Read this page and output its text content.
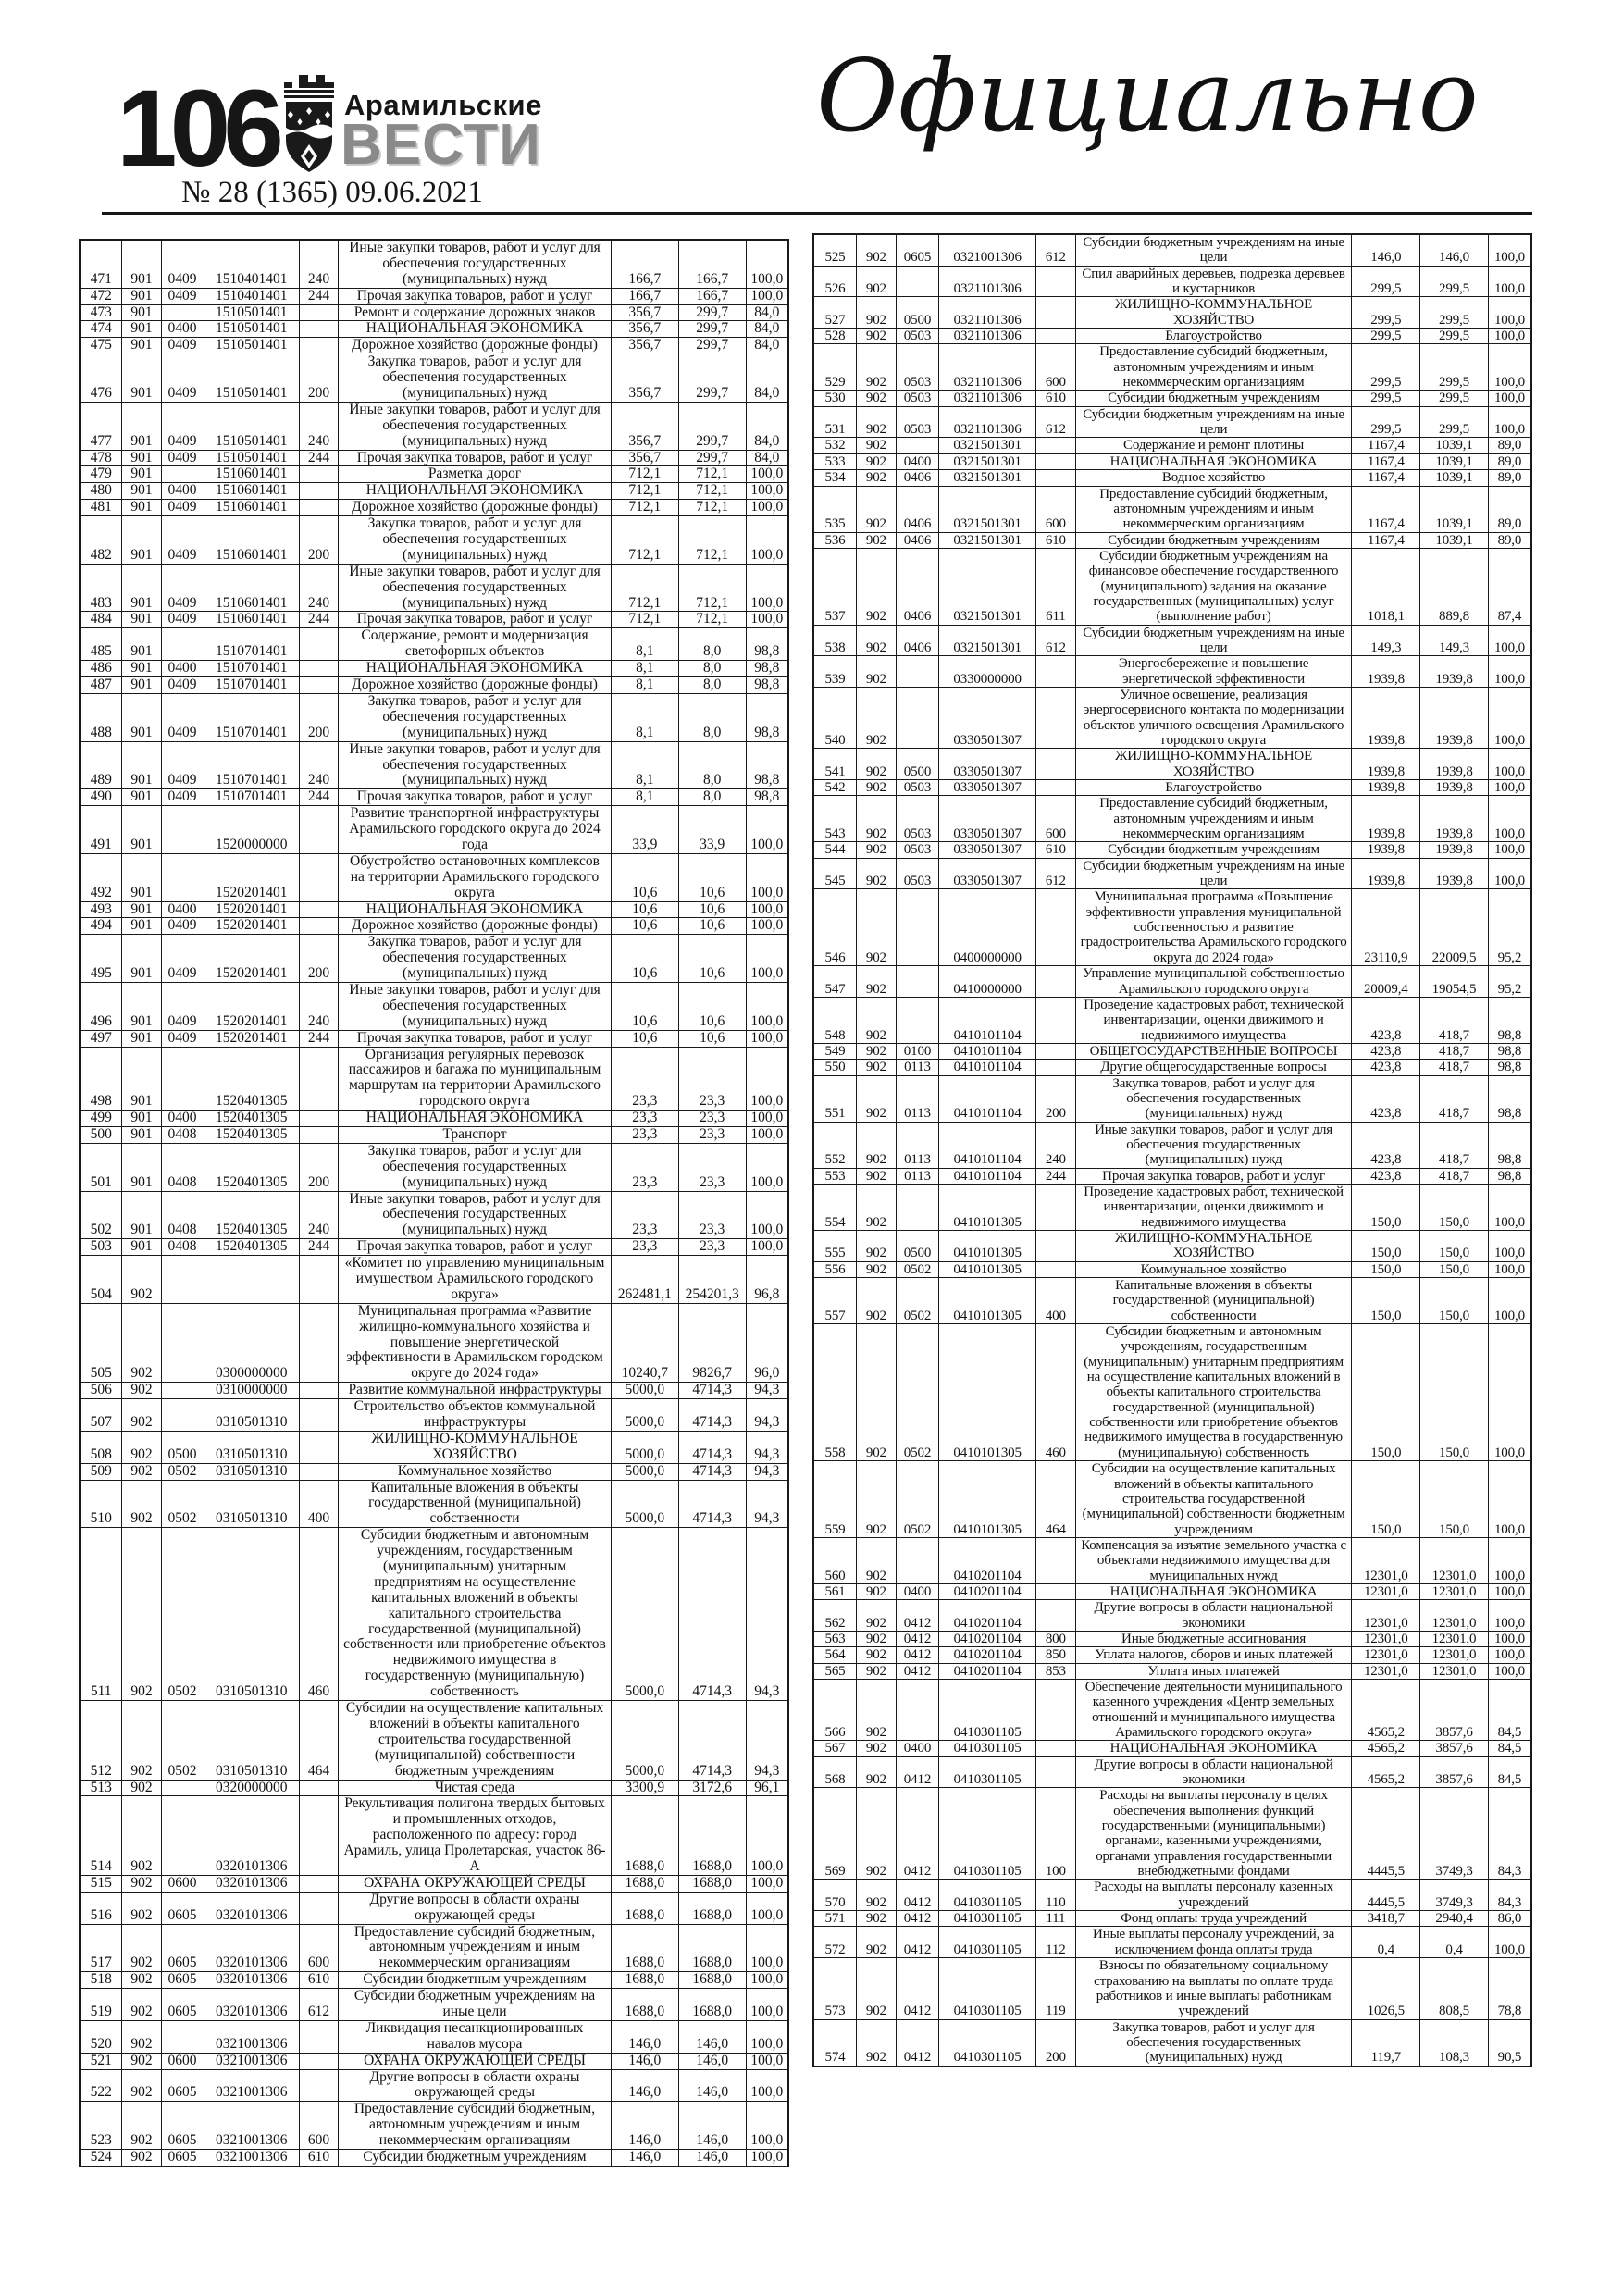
106 Арамильские
ВЕСТИ
№ 28 (1365) 09.06.2021
Официально
471	901	0409	1510401401	240	Иные закупки товаров, работ и услуг для обеспечения государственных (муниципальных) нужд	166,7	166,7	100,0
472	901	0409	1510401401	244	Прочая закупка товаров, работ и услуг	166,7	166,7	100,0
473	901		1510501401		Ремонт и содержание дорожных знаков	356,7	299,7	84,0
474	901	0400	1510501401		НАЦИОНАЛЬНАЯ ЭКОНОМИКА	356,7	299,7	84,0
475	901	0409	1510501401		Дорожное хозяйство (дорожные фонды)	356,7	299,7	84,0
476	901	0409	1510501401	200	Закупка товаров, работ и услуг для обеспечения государственных (муниципальных) нужд	356,7	299,7	84,0
477	901	0409	1510501401	240	Иные закупки товаров, работ и услуг для обеспечения государственных (муниципальных) нужд	356,7	299,7	84,0
478	901	0409	1510501401	244	Прочая закупка товаров, работ и услуг	356,7	299,7	84,0
479	901		1510601401		Разметка дорог	712,1	712,1	100,0
480	901	0400	1510601401		НАЦИОНАЛЬНАЯ ЭКОНОМИКА	712,1	712,1	100,0
481	901	0409	1510601401		Дорожное хозяйство (дорожные фонды)	712,1	712,1	100,0
482	901	0409	1510601401	200	Закупка товаров, работ и услуг для обеспечения государственных (муниципальных) нужд	712,1	712,1	100,0
483	901	0409	1510601401	240	Иные закупки товаров, работ и услуг для обеспечения государственных (муниципальных) нужд	712,1	712,1	100,0
484	901	0409	1510601401	244	Прочая закупка товаров, работ и услуг	712,1	712,1	100,0
485	901		1510701401		Содержание, ремонт и модернизация светофорных объектов	8,1	8,0	98,8
486	901	0400	1510701401		НАЦИОНАЛЬНАЯ ЭКОНОМИКА	8,1	8,0	98,8
487	901	0409	1510701401		Дорожное хозяйство (дорожные фонды)	8,1	8,0	98,8
488	901	0409	1510701401	200	Закупка товаров, работ и услуг для обеспечения государственных (муниципальных) нужд	8,1	8,0	98,8
489	901	0409	1510701401	240	Иные закупки товаров, работ и услуг для обеспечения государственных (муниципальных) нужд	8,1	8,0	98,8
490	901	0409	1510701401	244	Прочая закупка товаров, работ и услуг	8,1	8,0	98,8
491	901		1520000000		Развитие транспортной инфраструктуры Арамильского городского округа до 2024 года	33,9	33,9	100,0
492	901		1520201401		Обустройство остановочных комплексов на территории Арамильского городского округа	10,6	10,6	100,0
493	901	0400	1520201401		НАЦИОНАЛЬНАЯ ЭКОНОМИКА	10,6	10,6	100,0
494	901	0409	1520201401		Дорожное хозяйство (дорожные фонды)	10,6	10,6	100,0
495	901	0409	1520201401	200	Закупка товаров, работ и услуг для обеспечения государственных (муниципальных) нужд	10,6	10,6	100,0
496	901	0409	1520201401	240	Иные закупки товаров, работ и услуг для обеспечения государственных (муниципальных) нужд	10,6	10,6	100,0
497	901	0409	1520201401	244	Прочая закупка товаров, работ и услуг	10,6	10,6	100,0
498	901		1520401305		Организация регулярных перевозок пассажиров и багажа по муниципальным маршрутам на территории Арамильского городского округа	23,3	23,3	100,0
499	901	0400	1520401305		НАЦИОНАЛЬНАЯ ЭКОНОМИКА	23,3	23,3	100,0
500	901	0408	1520401305		Транспорт	23,3	23,3	100,0
501	901	0408	1520401305	200	Закупка товаров, работ и услуг для обеспечения государственных (муниципальных) нужд	23,3	23,3	100,0
502	901	0408	1520401305	240	Иные закупки товаров, работ и услуг для обеспечения государственных (муниципальных) нужд	23,3	23,3	100,0
503	901	0408	1520401305	244	Прочая закупка товаров, работ и услуг	23,3	23,3	100,0
504	902				«Комитет по управлению муниципальным имуществом Арамильского городского округа»	262481,1	254201,3	96,8
505	902		0300000000		Муниципальная программа «Развитие жилищно-коммунального хозяйства и повышение энергетической эффективности в Арамильском городском округе до 2024 года»	10240,7	9826,7	96,0
506	902		0310000000		Развитие коммунальной инфраструктуры	5000,0	4714,3	94,3
507	902		0310501310		Строительство объектов коммунальной инфраструктуры	5000,0	4714,3	94,3
508	902	0500	0310501310		ЖИЛИЩНО-КОММУНАЛЬНОЕ ХОЗЯЙСТВО	5000,0	4714,3	94,3
509	902	0502	0310501310		Коммунальное хозяйство	5000,0	4714,3	94,3
510	902	0502	0310501310	400	Капитальные вложения в объекты государственной (муниципальной) собственности	5000,0	4714,3	94,3
511	902	0502	0310501310	460	Субсидии бюджетным и автономным учреждениям, государственным (муниципальным) унитарным предприятиям на осуществление капитальных вложений в объекты капитального строительства государственной (муниципальной) собственности или приобретение объектов недвижимого имущества в государственную (муниципальную) собственность	5000,0	4714,3	94,3
512	902	0502	0310501310	464	Субсидии на осуществление капитальных вложений в объекты капитального строительства государственной (муниципальной) собственности бюджетным учреждениям	5000,0	4714,3	94,3
513	902		0320000000		Чистая среда	3300,9	3172,6	96,1
514	902		0320101306		Рекультивация полигона твердых бытовых и промышленных отходов, расположенного по адресу: город Арамиль, улица Пролетарская, участок 86-А	1688,0	1688,0	100,0
515	902	0600	0320101306		ОХРАНА ОКРУЖАЮЩЕЙ СРЕДЫ	1688,0	1688,0	100,0
516	902	0605	0320101306		Другие вопросы в области охраны окружающей среды	1688,0	1688,0	100,0
517	902	0605	0320101306	600	Предоставление субсидий бюджетным, автономным учреждениям и иным некоммерческим организациям	1688,0	1688,0	100,0
518	902	0605	0320101306	610	Субсидии бюджетным учреждениям	1688,0	1688,0	100,0
519	902	0605	0320101306	612	Субсидии бюджетным учреждениям на иные цели	1688,0	1688,0	100,0
520	902		0321001306		Ликвидация несанкционированных навалов мусора	146,0	146,0	100,0
521	902	0600	0321001306		ОХРАНА ОКРУЖАЮЩЕЙ СРЕДЫ	146,0	146,0	100,0
522	902	0605	0321001306		Другие вопросы в области охраны окружающей среды	146,0	146,0	100,0
523	902	0605	0321001306	600	Предоставление субсидий бюджетным, автономным учреждениям и иным некоммерческим организациям	146,0	146,0	100,0
524	902	0605	0321001306	610	Субсидии бюджетным учреждениям	146,0	146,0	100,0
525	902	0605	0321001306	612	Субсидии бюджетным учреждениям на иные цели	146,0	146,0	100,0
526	902		0321101306		Спил аварийных деревьев, подрезка деревьев и кустарников	299,5	299,5	100,0
527	902	0500	0321101306		ЖИЛИЩНО-КОММУНАЛЬНОЕ ХОЗЯЙСТВО	299,5	299,5	100,0
528	902	0503	0321101306		Благоустройство	299,5	299,5	100,0
529	902	0503	0321101306	600	Предоставление субсидий бюджетным, автономным учреждениям и иным некоммерческим организациям	299,5	299,5	100,0
530	902	0503	0321101306	610	Субсидии бюджетным учреждениям	299,5	299,5	100,0
531	902	0503	0321101306	612	Субсидии бюджетным учреждениям на иные цели	299,5	299,5	100,0
532	902		0321501301		Содержание и ремонт плотины	1167,4	1039,1	89,0
533	902	0400	0321501301		НАЦИОНАЛЬНАЯ ЭКОНОМИКА	1167,4	1039,1	89,0
534	902	0406	0321501301		Водное хозяйство	1167,4	1039,1	89,0
535	902	0406	0321501301	600	Предоставление субсидий бюджетным, автономным учреждениям и иным некоммерческим организациям	1167,4	1039,1	89,0
536	902	0406	0321501301	610	Субсидии бюджетным учреждениям	1167,4	1039,1	89,0
537	902	0406	0321501301	611	Субсидии бюджетным учреждениям на финансовое обеспечение государственного (муниципального) задания на оказание государственных (муниципальных) услуг (выполнение работ)	1018,1	889,8	87,4
538	902	0406	0321501301	612	Субсидии бюджетным учреждениям на иные цели	149,3	149,3	100,0
539	902		0330000000		Энергосбережение и повышение энергетической эффективности	1939,8	1939,8	100,0
540	902		0330501307		Уличное освещение, реализация энергосервисного контакта по модернизации объектов уличного освещения Арамильского городского округа	1939,8	1939,8	100,0
541	902	0500	0330501307		ЖИЛИЩНО-КОММУНАЛЬНОЕ ХОЗЯЙСТВО	1939,8	1939,8	100,0
542	902	0503	0330501307		Благоустройство	1939,8	1939,8	100,0
543	902	0503	0330501307	600	Предоставление субсидий бюджетным, автономным учреждениям и иным некоммерческим организациям	1939,8	1939,8	100,0
544	902	0503	0330501307	610	Субсидии бюджетным учреждениям	1939,8	1939,8	100,0
545	902	0503	0330501307	612	Субсидии бюджетным учреждениям на иные цели	1939,8	1939,8	100,0
546	902		0400000000		Муниципальная программа «Повышение эффективности управления муниципальной собственностью и развитие градостроительства Арамильского городского округа до 2024 года»	23110,9	22009,5	95,2
547	902		0410000000		Управление муниципальной собственностью Арамильского городского округа	20009,4	19054,5	95,2
548	902		0410101104		Проведение кадастровых работ, технической инвентаризации, оценки движимого и недвижимого имущества	423,8	418,7	98,8
549	902	0100	0410101104		ОБЩЕГОСУДАРСТВЕННЫЕ ВОПРОСЫ	423,8	418,7	98,8
550	902	0113	0410101104		Другие общегосударственные вопросы	423,8	418,7	98,8
551	902	0113	0410101104	200	Закупка товаров, работ и услуг для обеспечения государственных (муниципальных) нужд	423,8	418,7	98,8
552	902	0113	0410101104	240	Иные закупки товаров, работ и услуг для обеспечения государственных (муниципальных) нужд	423,8	418,7	98,8
553	902	0113	0410101104	244	Прочая закупка товаров, работ и услуг	423,8	418,7	98,8
554	902		0410101305		Проведение кадастровых работ, технической инвентаризации, оценки движимого и недвижимого имущества	150,0	150,0	100,0
555	902	0500	0410101305		ЖИЛИЩНО-КОММУНАЛЬНОЕ ХОЗЯЙСТВО	150,0	150,0	100,0
556	902	0502	0410101305		Коммунальное хозяйство	150,0	150,0	100,0
557	902	0502	0410101305	400	Капитальные вложения в объекты государственной (муниципальной) собственности	150,0	150,0	100,0
558	902	0502	0410101305	460	Субсидии бюджетным и автономным учреждениям, государственным (муниципальным) унитарным предприятиям на осуществление капитальных вложений в объекты капитального строительства государственной (муниципальной) собственности или приобретение объектов недвижимого имущества в государственную (муниципальную) собственность	150,0	150,0	100,0
559	902	0502	0410101305	464	Субсидии на осуществление капитальных вложений в объекты капитального строительства государственной (муниципальной) собственности бюджетным учреждениям	150,0	150,0	100,0
560	902		0410201104		Компенсация за изъятие земельного участка с объектами недвижимого имущества для муниципальных нужд	12301,0	12301,0	100,0
561	902	0400	0410201104		НАЦИОНАЛЬНАЯ ЭКОНОМИКА	12301,0	12301,0	100,0
562	902	0412	0410201104		Другие вопросы в области национальной экономики	12301,0	12301,0	100,0
563	902	0412	0410201104	800	Иные бюджетные ассигнования	12301,0	12301,0	100,0
564	902	0412	0410201104	850	Уплата налогов, сборов и иных платежей	12301,0	12301,0	100,0
565	902	0412	0410201104	853	Уплата иных платежей	12301,0	12301,0	100,0
566	902		0410301105		Обеспечение деятельности муниципального казенного учреждения «Центр земельных отношений и муниципального имущества Арамильского городского округа»	4565,2	3857,6	84,5
567	902	0400	0410301105		НАЦИОНАЛЬНАЯ ЭКОНОМИКА	4565,2	3857,6	84,5
568	902	0412	0410301105		Другие вопросы в области национальной экономики	4565,2	3857,6	84,5
569	902	0412	0410301105	100	Расходы на выплаты персоналу в целях обеспечения выполнения функций государственными (муниципальными) органами, казенными учреждениями, органами управления государственными внебюджетными фондами	4445,5	3749,3	84,3
570	902	0412	0410301105	110	Расходы на выплаты персоналу казенных учреждений	4445,5	3749,3	84,3
571	902	0412	0410301105	111	Фонд оплаты труда учреждений	3418,7	2940,4	86,0
572	902	0412	0410301105	112	Иные выплаты персоналу учреждений, за исключением фонда оплаты труда	0,4	0,4	100,0
573	902	0412	0410301105	119	Взносы по обязательному социальному страхованию на выплаты по оплате труда работников и иные выплаты работникам учреждений	1026,5	808,5	78,8
574	902	0412	0410301105	200	Закупка товаров, работ и услуг для обеспечения государственных (муниципальных) нужд	119,7	108,3	90,5
